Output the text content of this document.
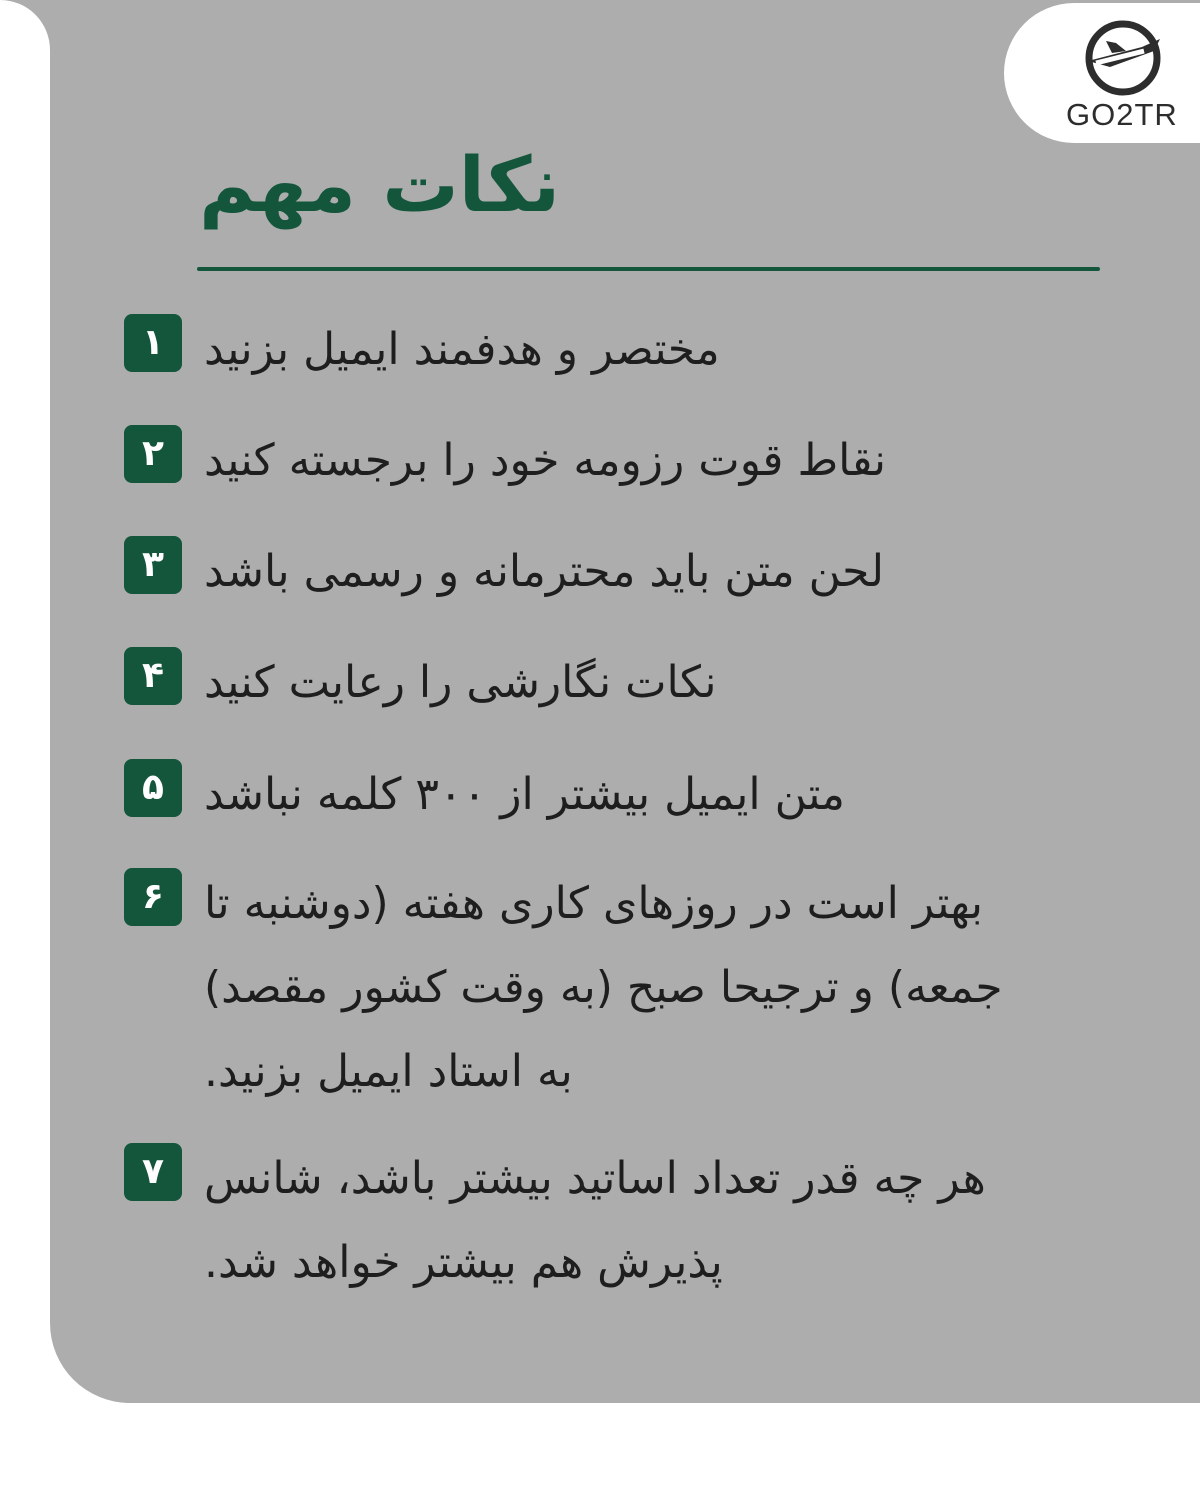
GO2TR
نکات مهم
۱ مختصر و هدفمند ایمیل بزنید
۲ نقاط قوت رزومه خود را برجسته کنید
۳ لحن متن باید محترمانه و رسمی باشد
۴ نکات نگارشی را رعایت کنید
۵ متن ایمیل بیشتر از ۳۰۰ کلمه نباشد
۶ بهتر است در روزهای کاری هفته (دوشنبه تا
جمعه) و ترجیحا صبح (به وقت کشور مقصد)
به استاد ایمیل بزنید.
۷ هر چه قدر تعداد اساتید بیشتر باشد، شانس
پذیرش هم بیشتر خواهد شد.
